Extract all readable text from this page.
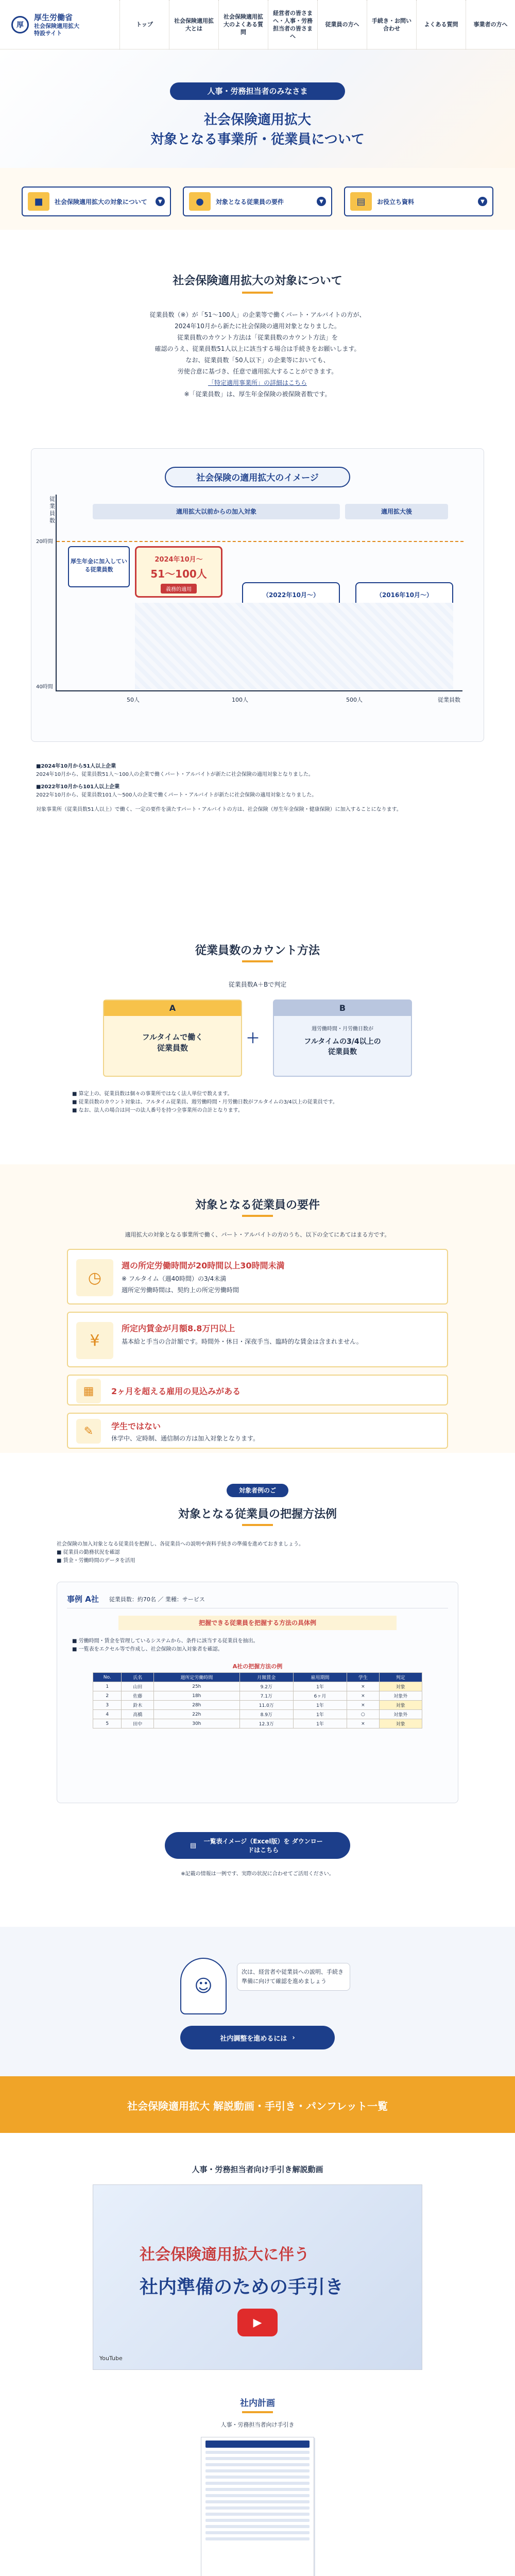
厚
厚生労働省
社会保険適用拡大
特設サイト
トップ
社会保険適用拡大とは
社会保険適用拡大のよくある質問
経営者の皆さまへ・人事・労務担当者の皆さまへ
従業員の方へ
手続き・お問い合わせ
よくある質問	事業者の方へ
人事・労務担当者のみなさま
社会保険適用拡大
対象となる事業所・従業員について
■	社会保険適用拡大の対象について	▼	●	対象となる従業員の要件	▼	▤	お役立ち資料	▼
社会保険適用拡大の対象について
従業員数（※）が「51～100人」の企業等で働くパート・アルバイトの方が、
2024年10月から新たに社会保険の適用対象となりました。
従業員数のカウント方法は「従業員数のカウント方法」を
確認のうえ、従業員数51人以上に該当する場合は手続きをお願いします。
なお、従業員数「50人以下」の企業等においても、
労使合意に基づき、任意で適用拡大することができます。
「特定適用事業所」の詳細はこちら
※「従業員数」は、厚生年金保険の被保険者数です。
社会保険の適用拡大のイメージ
従業員数
20時間
40時間
適用拡大以前からの加入対象	適用拡大後
厚生年金に加入している従業員数
2024年10月～
51～100人
義務的適用
（2022年10月～）	（2016年10月～）
50人	100人	500人	従業員数
■2024年10月から51人以上企業
2024年10月から、従業員数51人～100人の企業で働くパート・アルバイトが新たに社会保険の適用対象となりました。
■2022年10月から101人以上企業
2022年10月から、従業員数101人～500人の企業で働くパート・アルバイトが新たに社会保険の適用対象となりました。
対象事業所（従業員数51人以上）で働く、一定の要件を満たすパート・アルバイトの方は、社会保険（厚生年金保険・健康保険）に加入することになります。
従業員数のカウント方法
従業員数A＋Bで判定
A
フルタイムで働く
従業員数
＋
B
週労働時間・月労働日数が
フルタイムの3/4以上の
従業員数
■ 算定上の、従業員数は個々の事業所ではなく法人単位で数えます。
■ 従業員数のカウント対象は、フルタイム従業員、週労働時間・月労働日数がフルタイムの3/4以上の従業員です。
■ なお、法人の場合は同一の法人番号を持つ全事業所の合計となります。
対象となる従業員の要件
適用拡大の対象となる事業所で働く、パート・アルバイトの方のうち、以下の全てにあてはまる方です。
◷
週の所定労働時間が20時間以上30時間未満
※ フルタイム（週40時間）の3/4未満
週所定労働時間は、契約上の所定労働時間
¥
所定内賃金が月額8.8万円以上
基本給と手当の合計額です。時間外・休日・深夜手当、臨時的な賃金は含まれません。
▦	2ヶ月を超える雇用の見込みがある
✎	学生ではない
休学中、定時制、通信制の方は加入対象となります。
対象者例のご
対象となる従業員の把握方法例
社会保険の加入対象となる従業員を把握し、各従業員への説明や資料手続きの準備を進めておきましょう。
■ 従業員の勤務状況を確認
■ 賃金・労働時間のデータを活用
事例 A社 従業員数：約70名 ／ 業種：サービス
把握できる従業員を把握する方法の具体例
■ 労働時間・賃金を管理しているシステムから、条件に該当する従業員を抽出。
■ 一覧表をエクセル等で作成し、社会保険の加入対象者を確認。
A社の把握方法の例
No.	氏名	週所定労働時間	月額賃金	雇用期間	学生	判定
1	山田	25h	9.2万	1年	×	対象
2	佐藤	18h	7.1万	6ヶ月	×	対象外
3	鈴木	28h	11.0万	1年	×	対象
4	高橋	22h	8.9万	1年	○	対象外
5	田中	30h	12.3万	1年	×	対象
▤
一覧表イメージ（Excel版）を ダウンロードはこちら
※記載の情報は一例です、実際の状況に合わせてご活用ください。
☺
次は、経営者や従業員への説明、手続き準備に向けて確認を進めましょう
社内調整を進めるには ›
社会保険適用拡大 解説動画・手引き・パンフレット一覧
人事・労務担当者向け手引き解説動画
社会保険適用拡大に伴う
社内準備のための手引き
▶
YouTube
社内計画
人事・労務担当者向け手引き
